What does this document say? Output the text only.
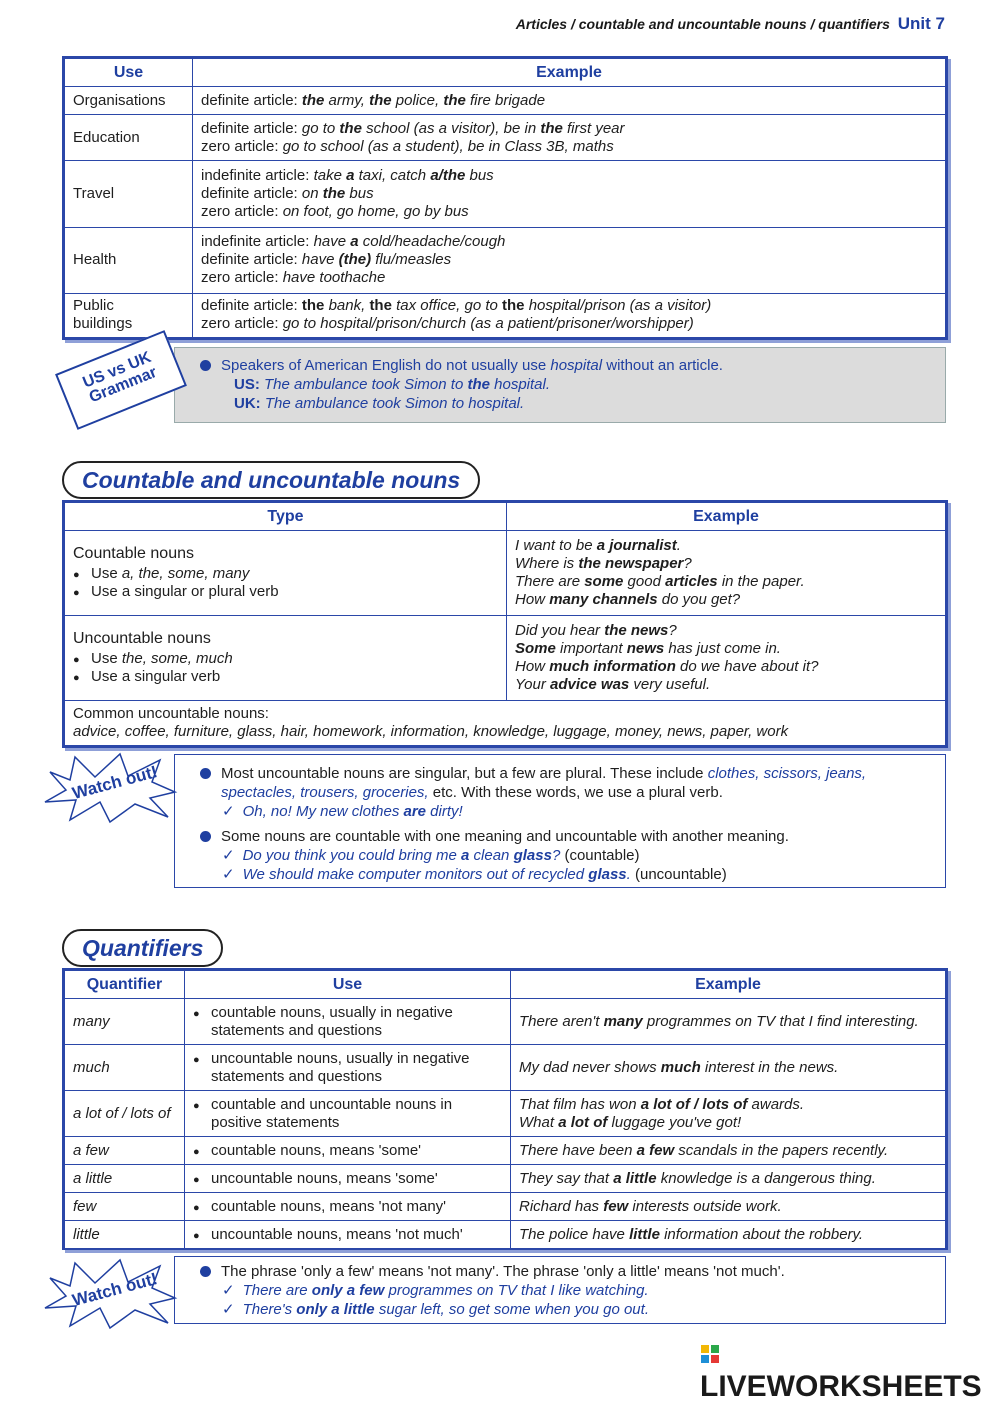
Articles / countable and uncountable nouns / quantifiers Unit 7
Use	Example
Organisations	definite article: the army, the police, the fire brigade
Education	definite article: go to the school (as a visitor), be in the first year
zero article: go to school (as a student), be in Class 3B, maths
Travel	indefinite article: take a taxi, catch a/the bus
definite article: on the bus
zero article: on foot, go home, go by bus
Health	indefinite article: have a cold/headache/cough
definite article: have (the) flu/measles
zero article: have toothache
Public
buildings	definite article: the bank, the tax office, go to the hospital/prison (as a visitor)
zero article: go to hospital/prison/church (as a patient/prisoner/worshipper)
US vs UK Grammar	Speakers of American English do not usually use hospital without an article.
US: The ambulance took Simon to the hospital.
UK: The ambulance took Simon to hospital.
Countable and uncountable nouns
Type	Example

Countable nouns
● Use a, the, some, many
● Use a singular or plural verb	I want to be a journalist.
Where is the newspaper?
There are some good articles in the paper.
How many channels do you get?

Uncountable nouns
● Use the, some, much
● Use a singular verb	Did you hear the news?
Some important news has just come in.
How much information do we have about it?
Your advice was very useful.

Common uncountable nouns:
advice, coffee, furniture, glass, hair, homework, information, knowledge, luggage, money, news, paper, work	
Watch out!	Most uncountable nouns are singular, but a few are plural. These include clothes, scissors, jeans,
spectacles, trousers, groceries, etc. With these words, we use a plural verb.
✓ Oh, no! My new clothes are dirty!
Some nouns are countable with one meaning and uncountable with another meaning.
✓ Do you think you could bring me a clean glass? (countable)
✓ We should make computer monitors out of recycled glass. (uncountable)
Quantifiers
Quantifier	Use	Example
many	● countable nouns, usually in negative statements and questions	There aren't many programmes on TV that I find interesting.
much	● uncountable nouns, usually in negative statements and questions	My dad never shows much interest in the news.
a lot of / lots of	● countable and uncountable nouns in positive statements	That film has won a lot of / lots of awards.
What a lot of luggage you've got!
a few	● countable nouns, means 'some'	There have been a few scandals in the papers recently.
a little	● uncountable nouns, means 'some'	They say that a little knowledge is a dangerous thing.
few	● countable nouns, means 'not many'	Richard has few interests outside work.
little	● uncountable nouns, means 'not much'	The police have little information about the robbery.
Watch out!	The phrase 'only a few' means 'not many'. The phrase 'only a little' means 'not much'.
✓ There are only a few programmes on TV that I like watching.
✓ There's only a little sugar left, so get some when you go out.

LIVEWORKSHEETS
